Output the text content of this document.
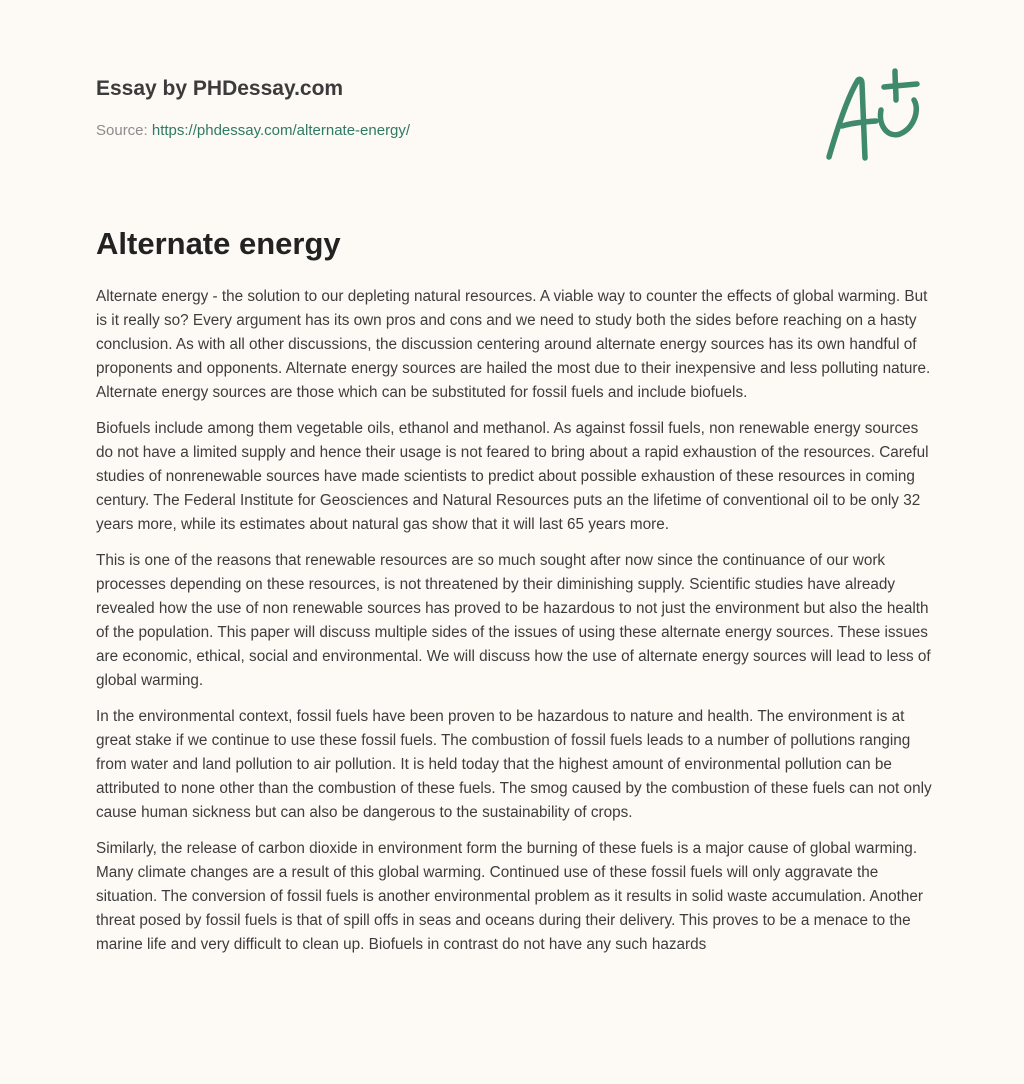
Essay by PHDessay.com
Source: https://phdessay.com/alternate-energy/
Alternate energy

Alternate energy - the solution to our depleting natural resources. A viable way to counter the effects of global warming. But is it really so? Every argument has its own pros and cons and we need to study both the sides before reaching on a hasty conclusion. As with all other discussions, the discussion centering around alternate energy sources has its own handful of proponents and opponents. Alternate energy sources are hailed the most due to their inexpensive and less polluting nature. Alternate energy sources are those which can be substituted for fossil fuels and include biofuels.

Biofuels include among them vegetable oils, ethanol and methanol. As against fossil fuels, non renewable energy sources do not have a limited supply and hence their usage is not feared to bring about a rapid exhaustion of the resources. Careful studies of nonrenewable sources have made scientists to predict about possible exhaustion of these resources in coming century. The Federal Institute for Geosciences and Natural Resources puts an the lifetime of conventional oil to be only 32 years more, while its estimates about natural gas show that it will last 65 years more.

This is one of the reasons that renewable resources are so much sought after now since the continuance of our work processes depending on these resources, is not threatened by their diminishing supply. Scientific studies have already revealed how the use of non renewable sources has proved to be hazardous to not just the environment but also the health of the population. This paper will discuss multiple sides of the issues of using these alternate energy sources. These issues are economic, ethical, social and environmental. We will discuss how the use of alternate energy sources will lead to less of global warming.

In the environmental context, fossil fuels have been proven to be hazardous to nature and health. The environment is at great stake if we continue to use these fossil fuels. The combustion of fossil fuels leads to a number of pollutions ranging from water and land pollution to air pollution. It is held today that the highest amount of environmental pollution can be attributed to none other than the combustion of these fuels. The smog caused by the combustion of these fuels can not only cause human sickness but can also be dangerous to the sustainability of crops.

Similarly, the release of carbon dioxide in environment form the burning of these fuels is a major cause of global warming. Many climate changes are a result of this global warming. Continued use of these fossil fuels will only aggravate the situation. The conversion of fossil fuels is another environmental problem as it results in solid waste accumulation. Another threat posed by fossil fuels is that of spill offs in seas and oceans during their delivery. This proves to be a menace to the marine life and very difficult to clean up. Biofuels in contrast do not have any such hazards
